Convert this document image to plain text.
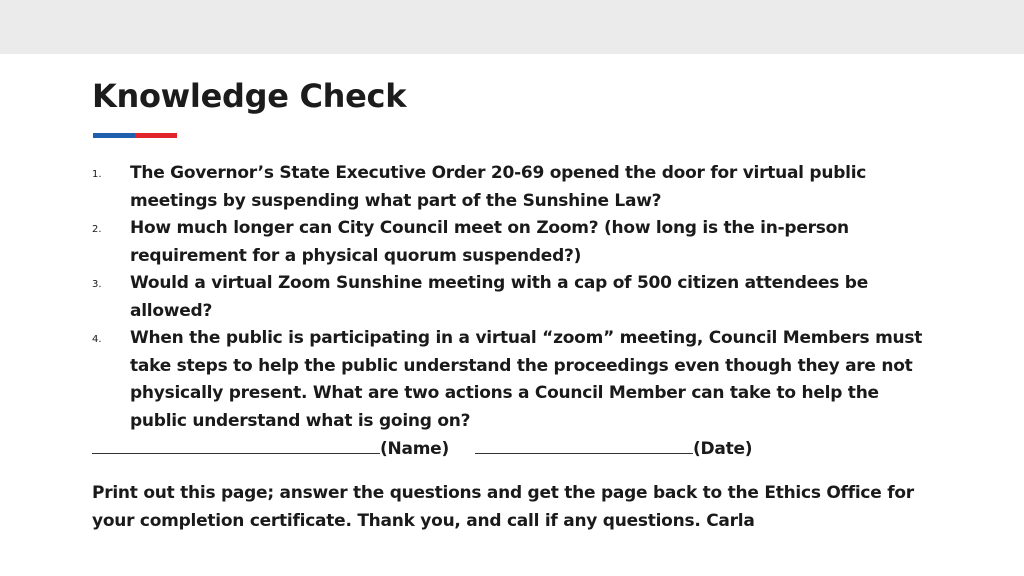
Knowledge Check
1.	The Governor’s State Executive Order 20-69 opened the door for virtual public meetings by suspending what part of the Sunshine Law?
2.	How much longer can City Council meet on Zoom? (how long is the in-person requirement for a physical quorum suspended?)
3.	Would a virtual Zoom Sunshine meeting with a cap of 500 citizen attendees be allowed?
4.	When the public is participating in a virtual “zoom” meeting, Council Members must take steps to help the public understand the proceedings even though they are not physically present. What are two actions a Council Member can take to help the public understand what is going on?
(Name)	(Date)

Print out this page; answer the questions and get the page back to the Ethics Office for your completion certificate. Thank you, and call if any questions. Carla
